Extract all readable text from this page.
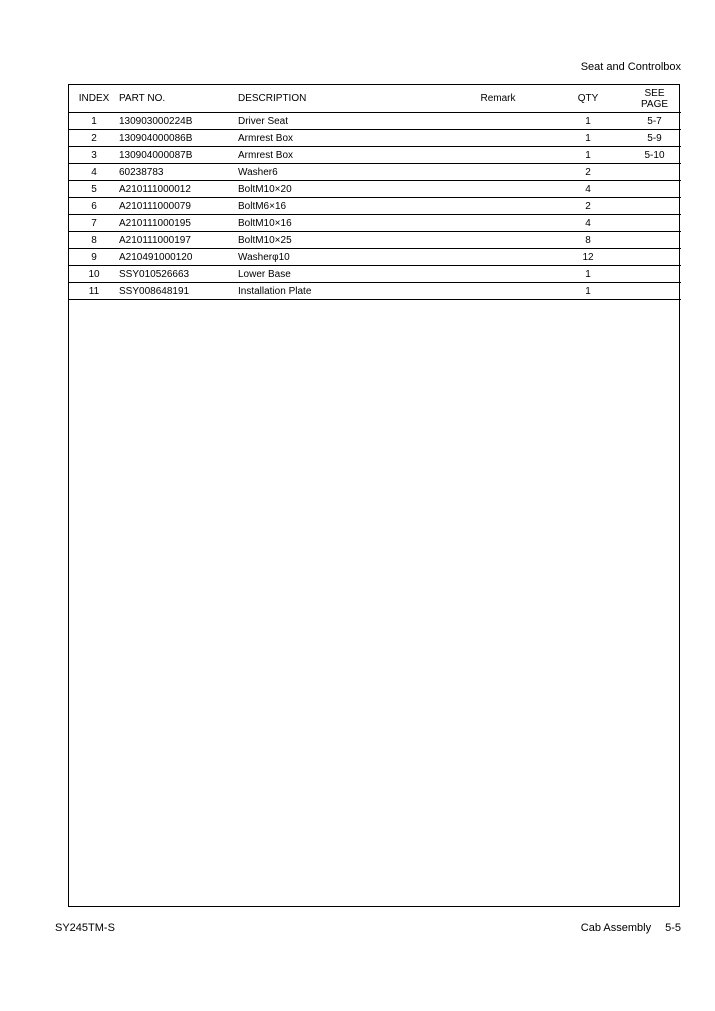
Seat and Controlbox
INDEX	PART NO.	DESCRIPTION	Remark	QTY	SEE
PAGE
1	130903000224B	Driver Seat		1	5-7
2	130904000086B	Armrest Box		1	5-9
3	130904000087B	Armrest Box		1	5-10
4	60238783	Washer6		2	
5	A210111000012	BoltM10×20		4	
6	A210111000079	BoltM6×16		2	
7	A210111000195	BoltM10×16		4	
8	A210111000197	BoltM10×25		8	
9	A210491000120	Washerφ10		12	
10	SSY010526663	Lower Base		1	
11	SSY008648191	Installation Plate		1	
SY245TM-S	Cab Assembly 5-5
